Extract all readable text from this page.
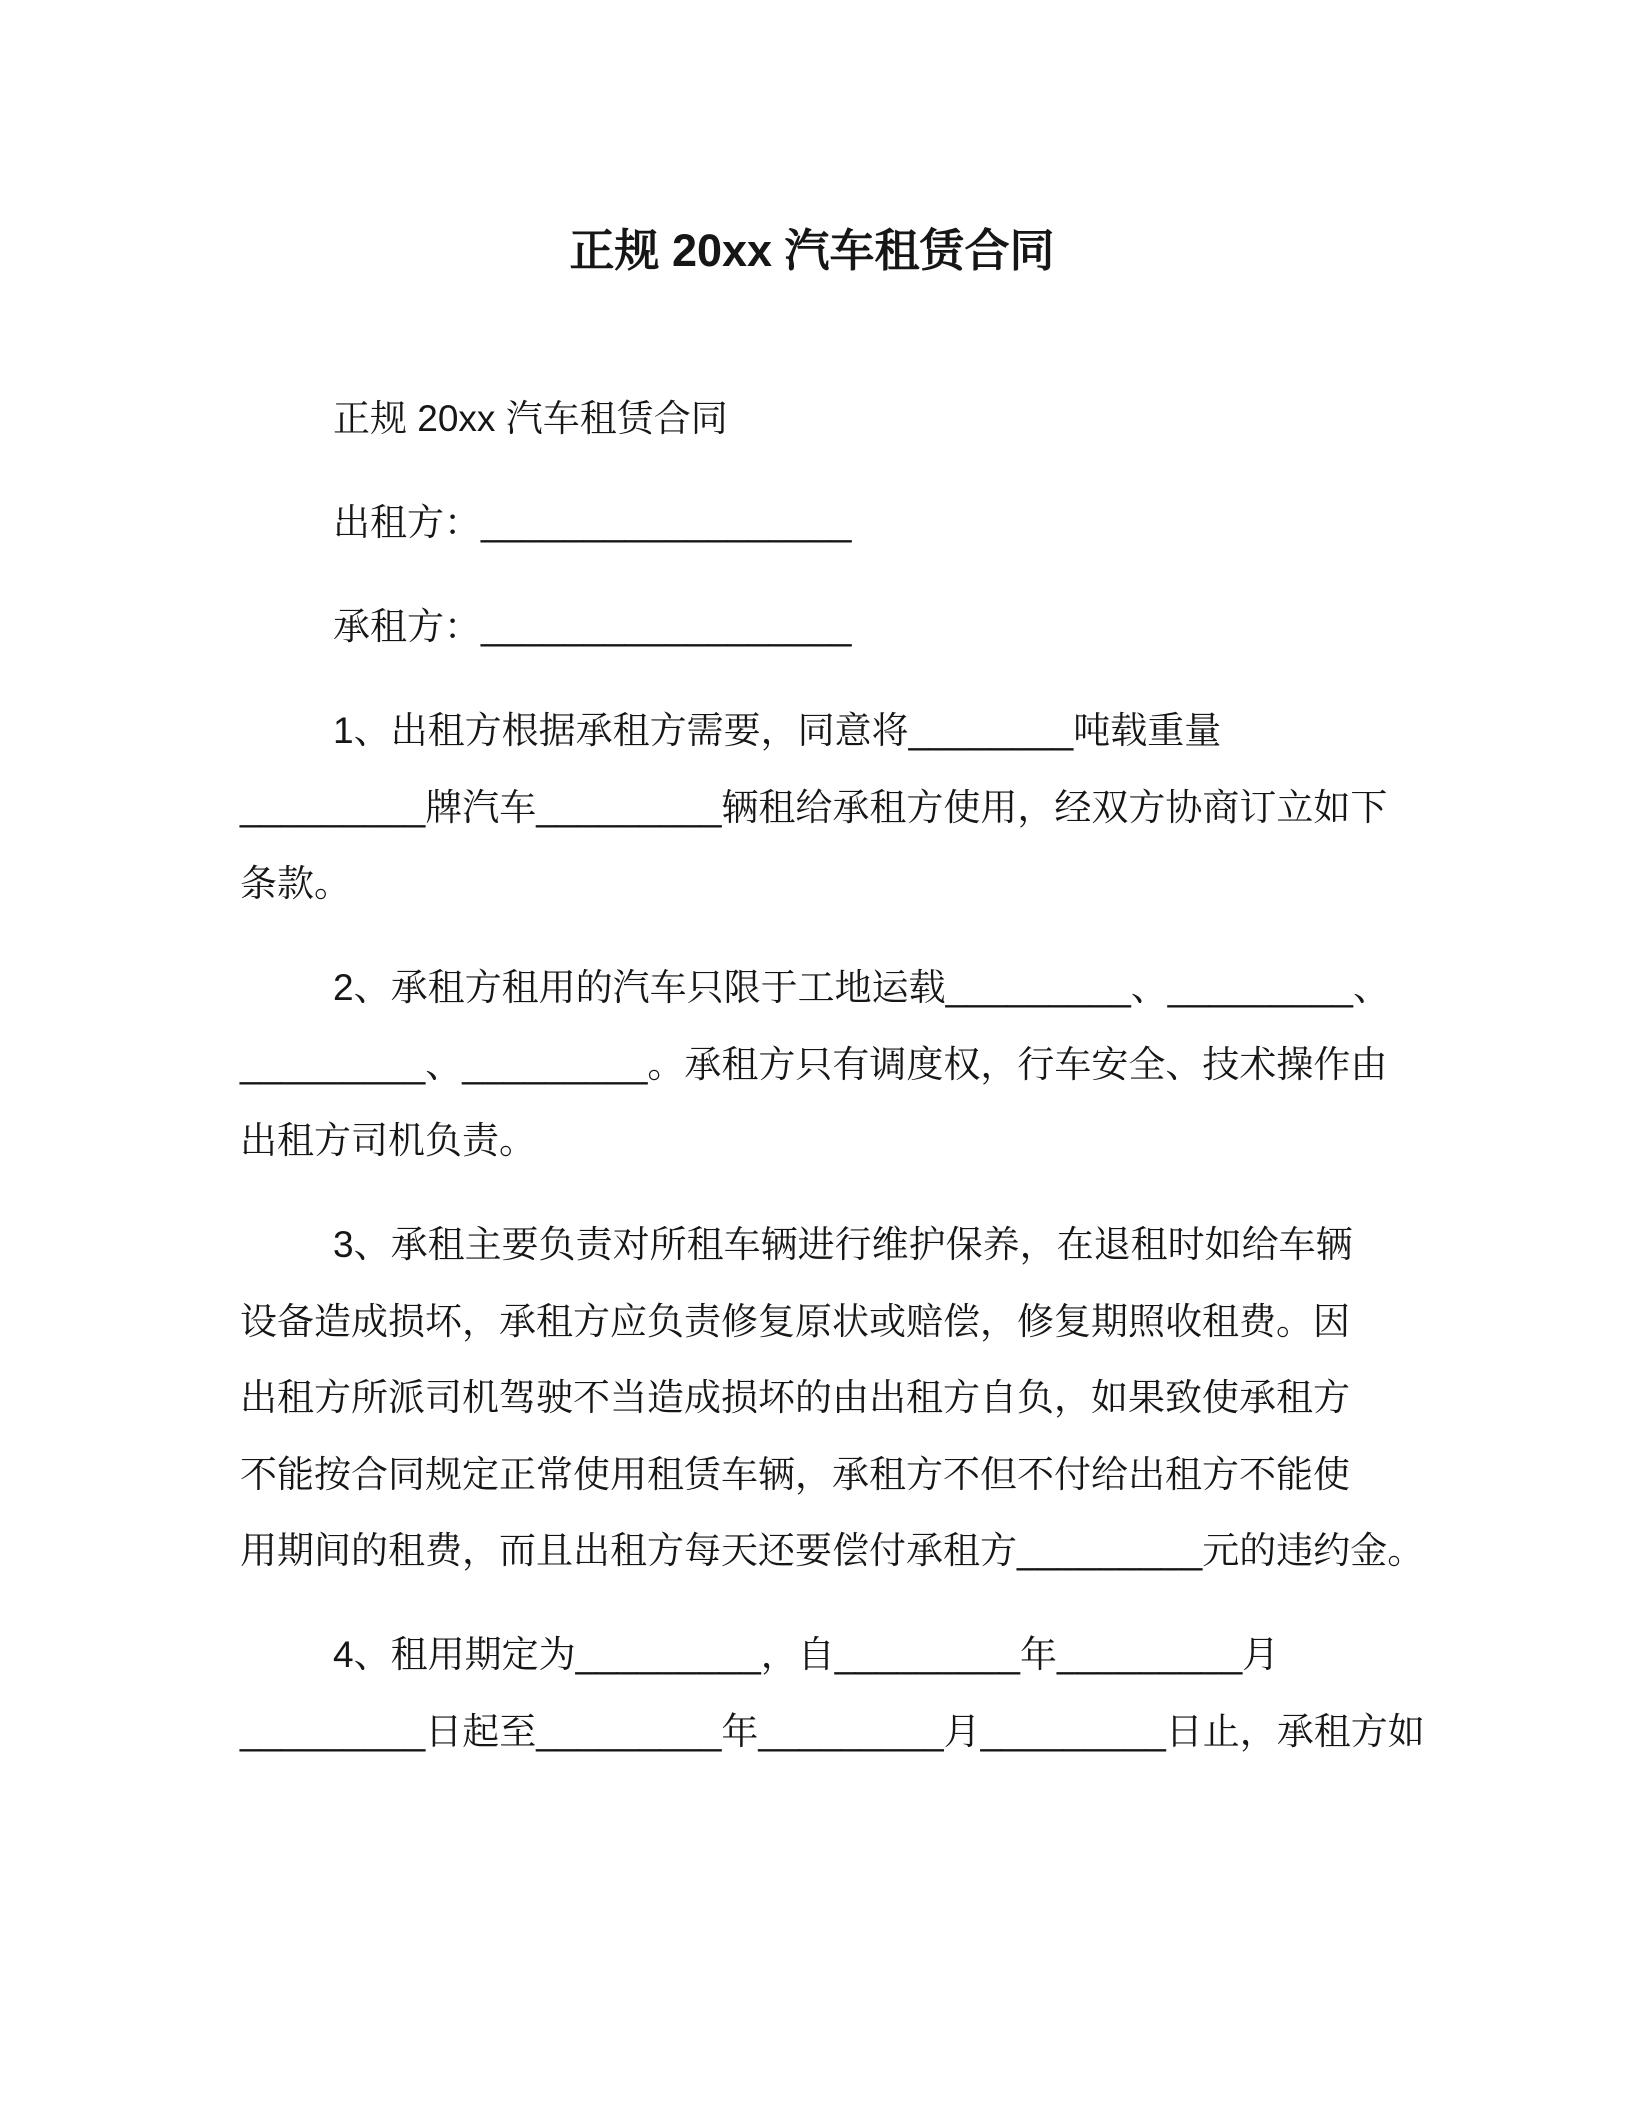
正规 20xx 汽车租赁合同
正规 20xx 汽车租赁合同
出租方：__________________
承租方：__________________
1、出租方根据承租方需要，同意将________吨载重量
_________牌汽车_________辆租给承租方使用，经双方协商订立如下
条款。
2、承租方租用的汽车只限于工地运载_________、_________、
_________、_________。承租方只有调度权，行车安全、技术操作由
出租方司机负责。
3、承租主要负责对所租车辆进行维护保养，在退租时如给车辆
设备造成损坏，承租方应负责修复原状或赔偿，修复期照收租费。因
出租方所派司机驾驶不当造成损坏的由出租方自负，如果致使承租方
不能按合同规定正常使用租赁车辆，承租方不但不付给出租方不能使
用期间的租费，而且出租方每天还要偿付承租方_________元的违约金。
4、租用期定为_________，自_________年_________月
_________日起至_________年_________月_________日止，承租方如
